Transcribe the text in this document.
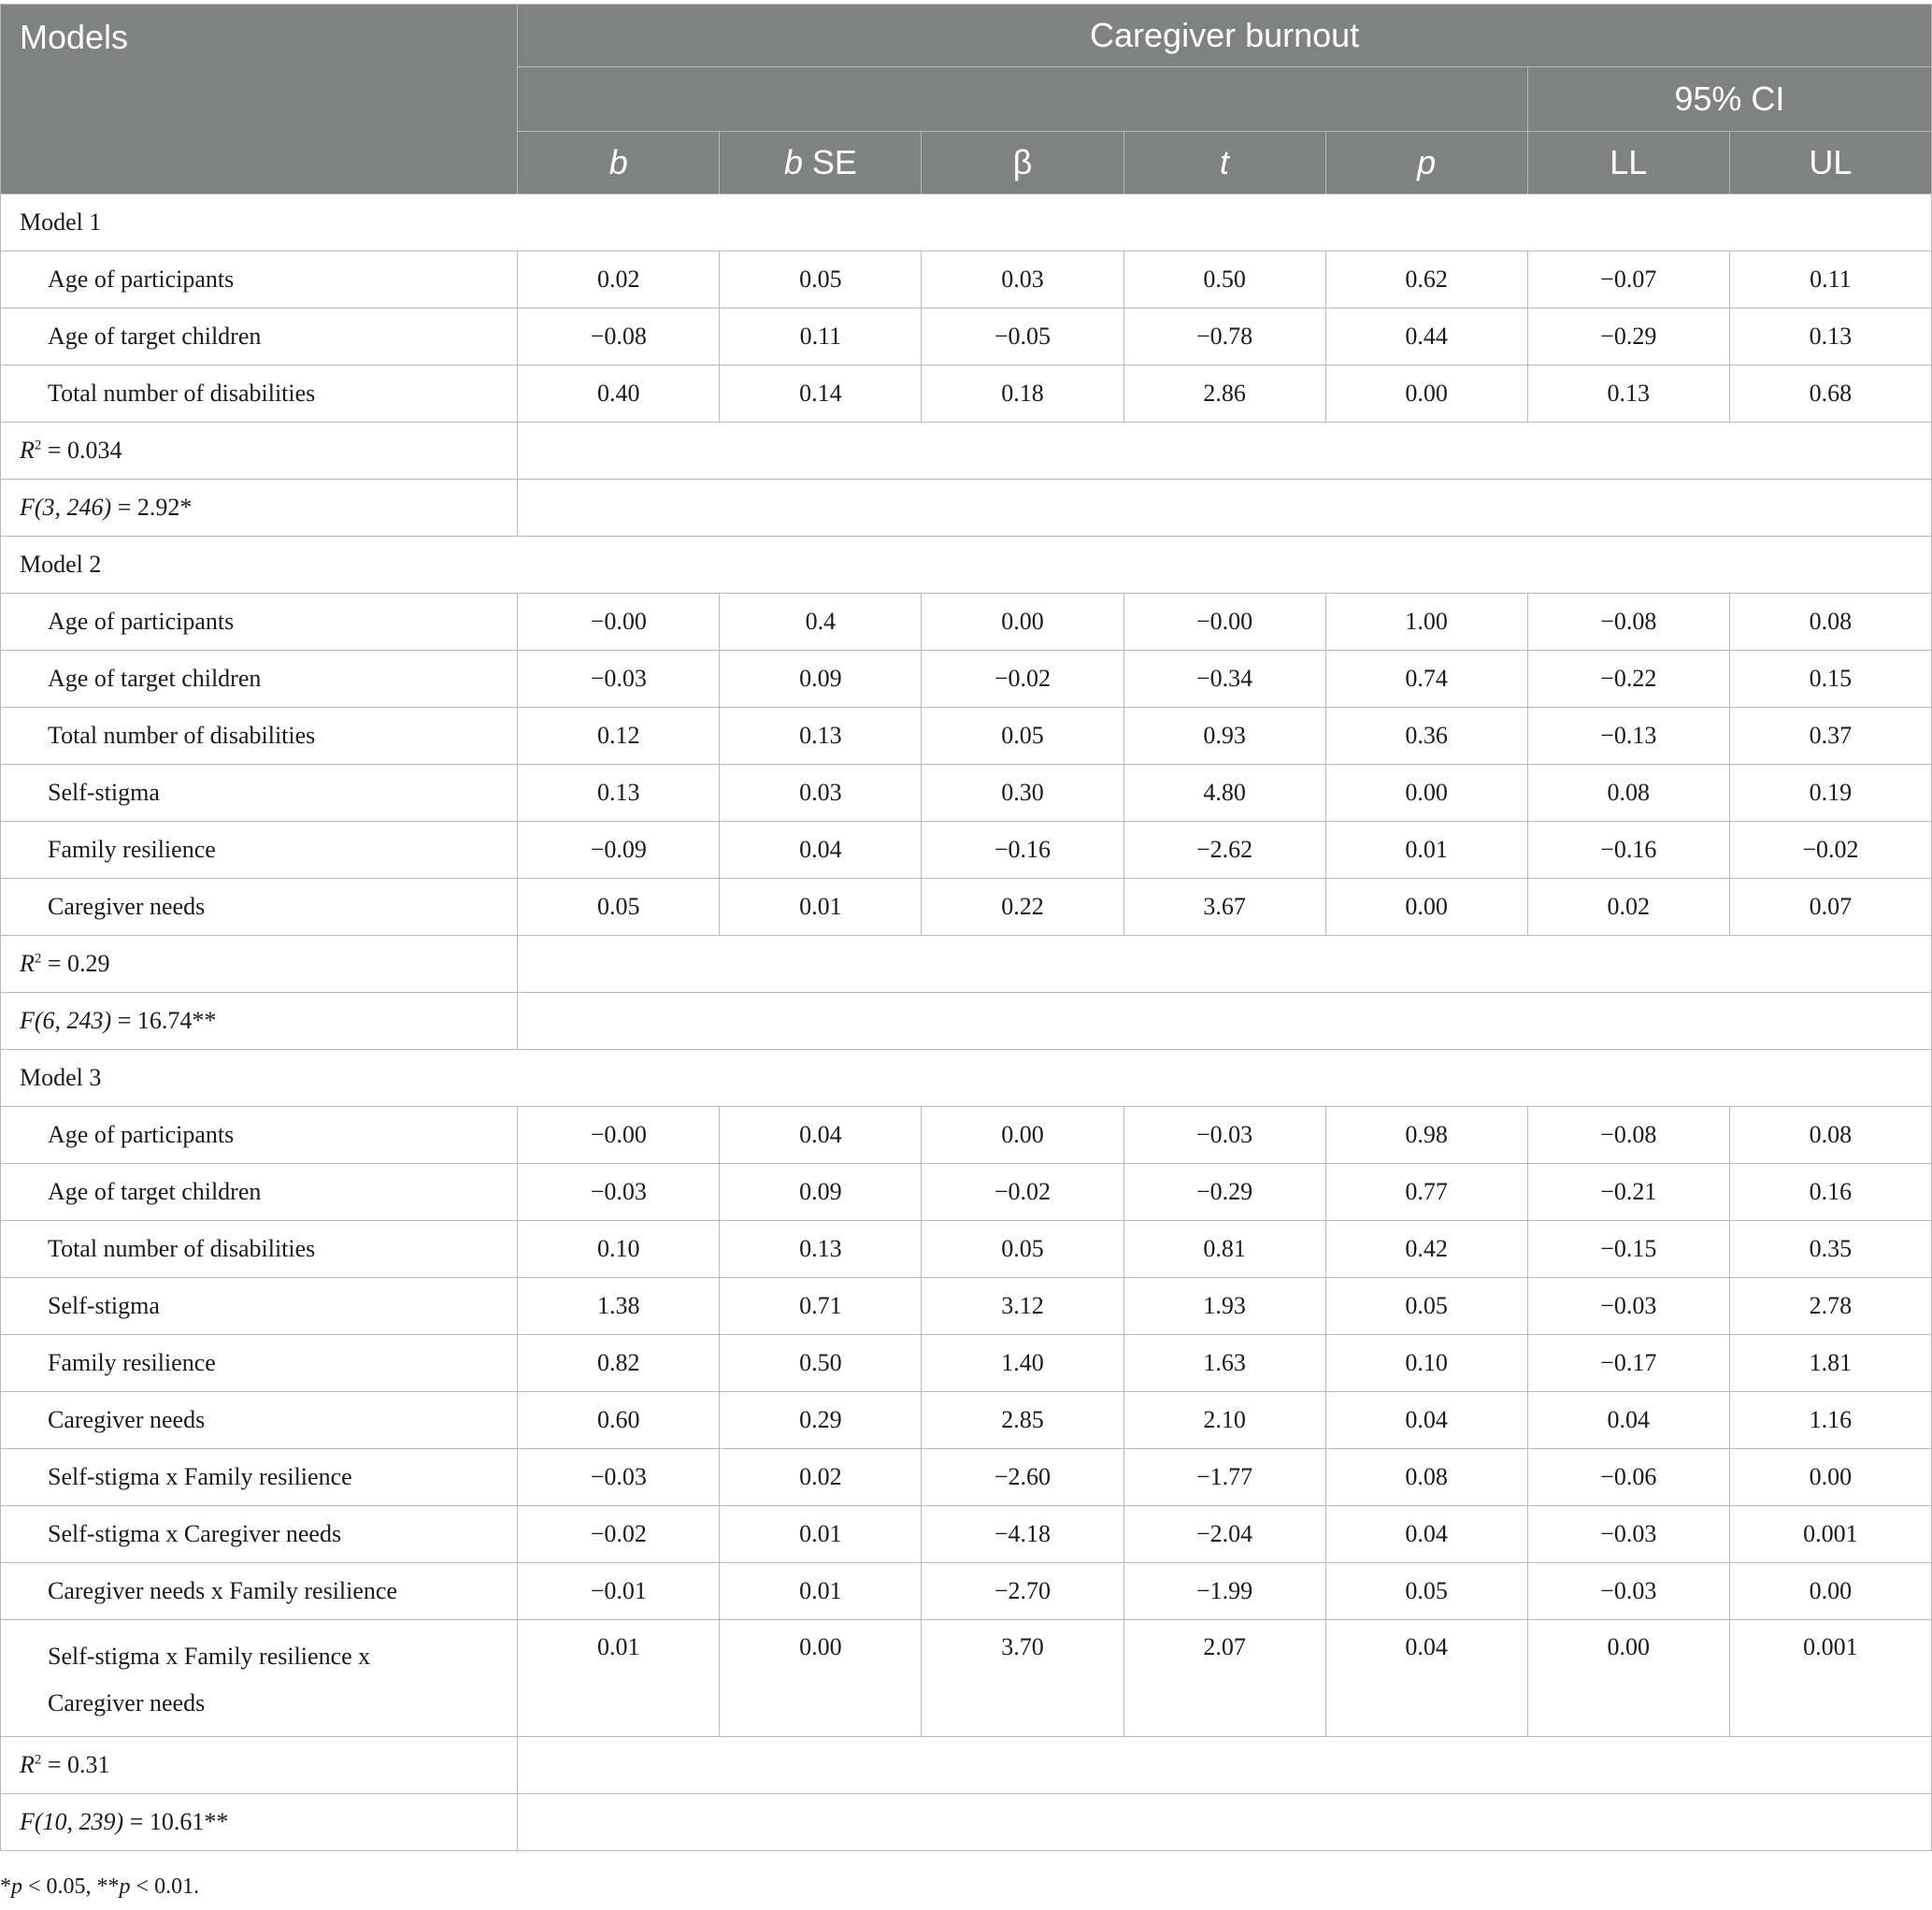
Models	Caregiver burnout						
						95% CI	
	b	b SE	β	t	p	LL	UL
Model 1							
Age of participants	0.02	0.05	0.03	0.50	0.62	−0.07	0.11
Age of target children	−0.08	0.11	−0.05	−0.78	0.44	−0.29	0.13
Total number of disabilities	0.40	0.14	0.18	2.86	0.00	0.13	0.68
$R^2 = 0.034$							
F(3, 246) = 2.92*							
Model 2							
Age of participants	−0.00	0.4	0.00	−0.00	1.00	−0.08	0.08
Age of target children	−0.03	0.09	−0.02	−0.34	0.74	−0.22	0.15
Total number of disabilities	0.12	0.13	0.05	0.93	0.36	−0.13	0.37
Self-stigma	0.13	0.03	0.30	4.80	0.00	0.08	0.19
Family resilience	−0.09	0.04	−0.16	−2.62	0.01	−0.16	−0.02
Caregiver needs	0.05	0.01	0.22	3.67	0.00	0.02	0.07
$R^2 = 0.29$							
F(6, 243) = 16.74**							
Model 3							
Age of participants	−0.00	0.04	0.00	−0.03	0.98	−0.08	0.08
Age of target children	−0.03	0.09	−0.02	−0.29	0.77	−0.21	0.16
Total number of disabilities	0.10	0.13	0.05	0.81	0.42	−0.15	0.35
Self-stigma	1.38	0.71	3.12	1.93	0.05	−0.03	2.78
Family resilience	0.82	0.50	1.40	1.63	0.10	−0.17	1.81
Caregiver needs	0.60	0.29	2.85	2.10	0.04	0.04	1.16
Self-stigma x Family resilience	−0.03	0.02	−2.60	−1.77	0.08	−0.06	0.00
Self-stigma x Caregiver needs	−0.02	0.01	−4.18	−2.04	0.04	−0.03	0.001
Caregiver needs x Family resilience	−0.01	0.01	−2.70	−1.99	0.05	−0.03	0.00
Self-stigma x Family resilience x
Caregiver needs	0.01	0.00	3.70	2.07	0.04	0.00	0.001
$R^2 = 0.31$							
F(10, 239) = 10.61**							
*p < 0.05, **p < 0.01.
